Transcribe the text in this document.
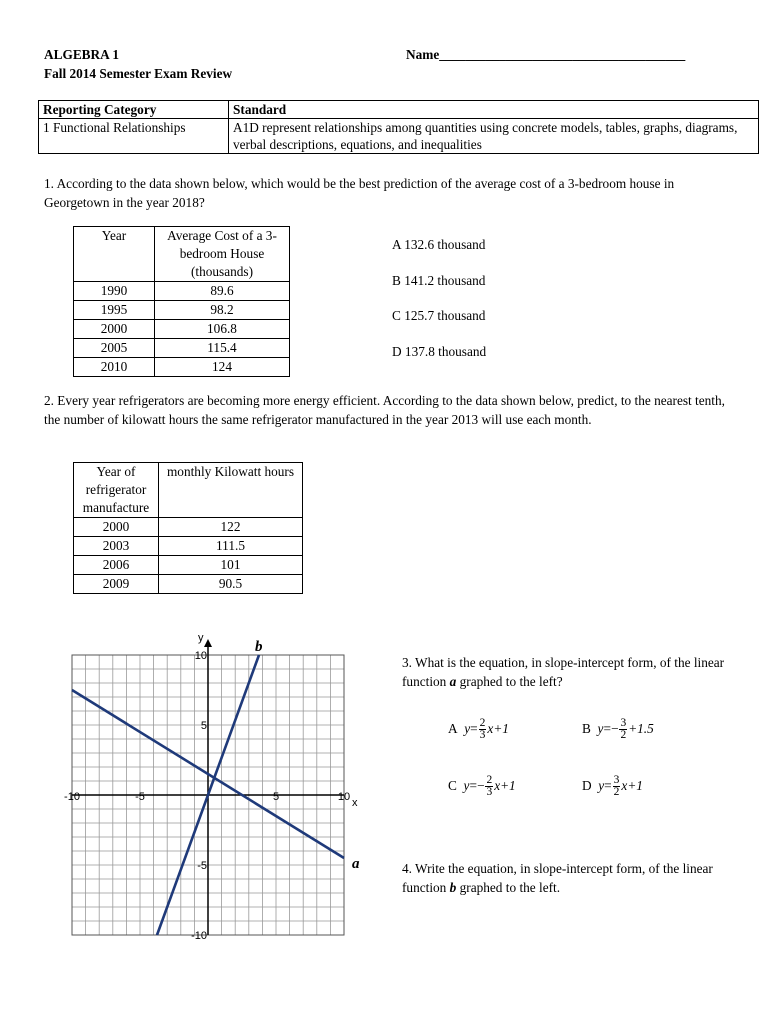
ALGEBRA 1
Fall 2014 Semester Exam Review
Name_____________________________________
Reporting Category	Standard
1 Functional Relationships	A1D represent relationships among quantities using concrete models, tables, graphs, diagrams, verbal descriptions, equations, and inequalities
1. According to the data shown below, which would be the best prediction of the average cost of a 3-bedroom house in Georgetown in the year 2018?
Year	Average Cost of a 3-bedroom House (thousands)
1990	89.6
1995	98.2
2000	106.8
2005	115.4
2010	124
A 132.6 thousand
B 141.2 thousand
C 125.7 thousand
D 137.8 thousand
2. Every year refrigerators are becoming more energy efficient. According to the data shown below, predict, to the nearest tenth, the number of kilowatt hours the same refrigerator manufactured in the year 2013 will use each month.
Year of refrigerator manufacture	monthly Kilowatt hours
2000	122
2003	111.5
2006	101
2009	90.5
-10	-5	5	10
10
5
-5
-10
x
y
a
b
3. What is the equation, in slope-intercept form, of the linear function a graphed to the left?
A $y= \frac{2}{3} x+1$	B $y=- \frac{3}{2} +1.5$
C $y=- \frac{2}{3} x+1$	D $y= \frac{3}{2} x+1$
4. Write the equation, in slope-intercept form, of the linear function b graphed to the left.
